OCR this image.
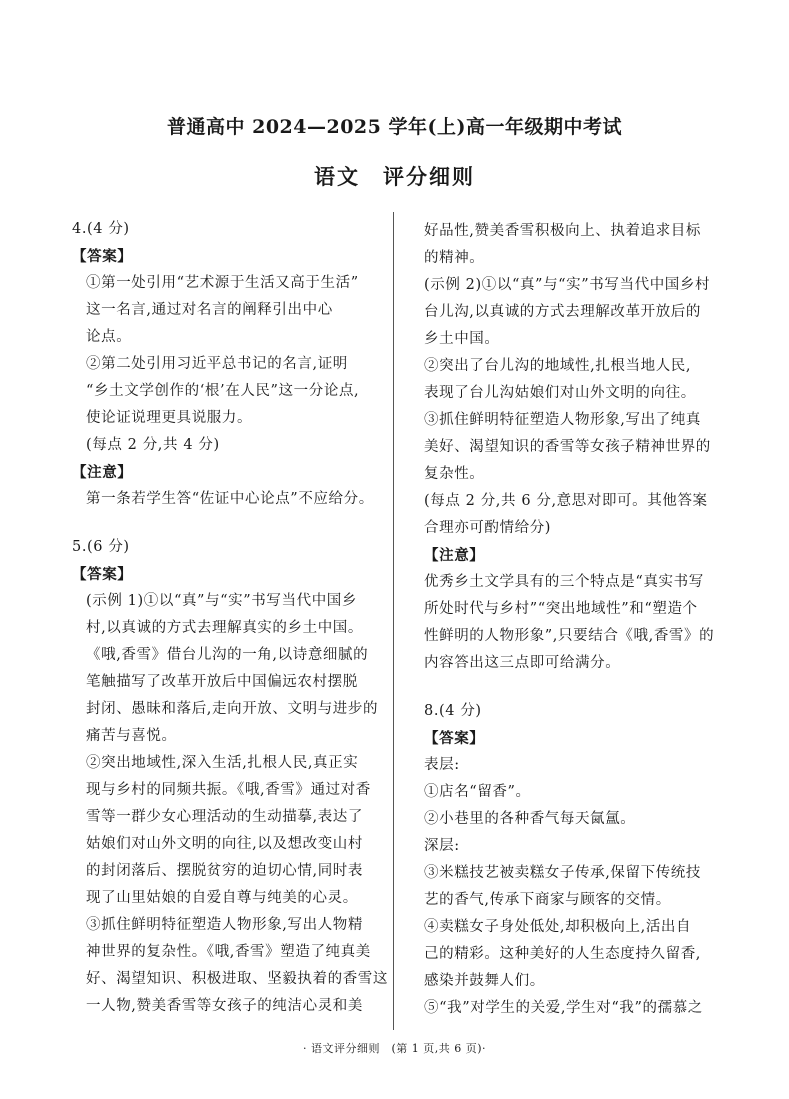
普通高中 2024—2025 学年(上)高一年级期中考试
语文　评分细则
4.(4 分)
【答案】
①第一处引用“艺术源于生活又高于生活”
这一名言,通过对名言的阐释引出中心
论点。
②第二处引用习近平总书记的名言,证明
“乡土文学创作的‘根’在人民”这一分论点,
使论证说理更具说服力。
(每点 2 分,共 4 分)
【注意】
第一条若学生答“佐证中心论点”不应给分。
5.(6 分)
【答案】
(示例 1)①以“真”与“实”书写当代中国乡
村,以真诚的方式去理解真实的乡土中国。
《哦,香雪》借台儿沟的一角,以诗意细腻的
笔触描写了改革开放后中国偏远农村摆脱
封闭、愚昧和落后,走向开放、文明与进步的
痛苦与喜悦。
②突出地域性,深入生活,扎根人民,真正实
现与乡村的同频共振。《哦,香雪》通过对香
雪等一群少女心理活动的生动描摹,表达了
姑娘们对山外文明的向往,以及想改变山村
的封闭落后、摆脱贫穷的迫切心情,同时表
现了山里姑娘的自爱自尊与纯美的心灵。
③抓住鲜明特征塑造人物形象,写出人物精
神世界的复杂性。《哦,香雪》塑造了纯真美
好、渴望知识、积极进取、坚毅执着的香雪这
一人物,赞美香雪等女孩子的纯洁心灵和美
好品性,赞美香雪积极向上、执着追求目标
的精神。
(示例 2)①以“真”与“实”书写当代中国乡村
台儿沟,以真诚的方式去理解改革开放后的
乡土中国。
②突出了台儿沟的地域性,扎根当地人民,
表现了台儿沟姑娘们对山外文明的向往。
③抓住鲜明特征塑造人物形象,写出了纯真
美好、渴望知识的香雪等女孩子精神世界的
复杂性。
(每点 2 分,共 6 分,意思对即可。其他答案
合理亦可酌情给分)
【注意】
优秀乡土文学具有的三个特点是“真实书写
所处时代与乡村”“突出地域性”和“塑造个
性鲜明的人物形象”,只要结合《哦,香雪》的
内容答出这三点即可给满分。
8.(4 分)
【答案】
表层:
①店名“留香”。
②小巷里的各种香气每天氤氲。
深层:
③米糕技艺被卖糕女子传承,保留下传统技
艺的香气,传承下商家与顾客的交情。
④卖糕女子身处低处,却积极向上,活出自
己的精彩。这种美好的人生态度持久留香,
感染并鼓舞人们。
⑤“我”对学生的关爱,学生对“我”的孺慕之
· 语文评分细则　(第 1 页,共 6 页)·
